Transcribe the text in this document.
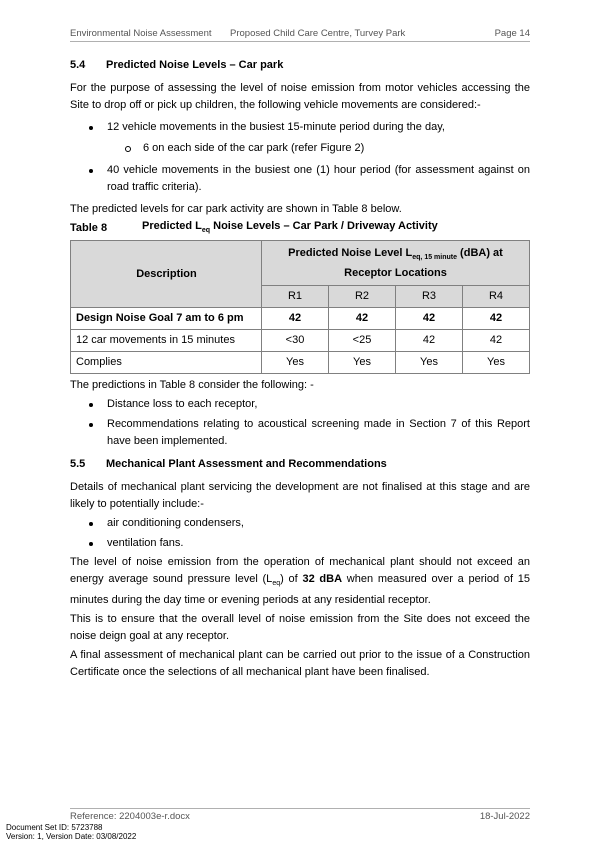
Environmental Noise Assessment Proposed Child Care Centre, Turvey Park	Page 14
5.4	Predicted Noise Levels – Car park

For the purpose of assessing the level of noise emission from motor vehicles accessing the Site to drop off or pick up children, the following vehicle movements are considered:-

12 vehicle movements in the busiest 15-minute period during the day,
6 on each side of the car park (refer Figure 2)
40 vehicle movements in the busiest one (1) hour period (for assessment against on road traffic criteria).

The predicted levels for car park activity are shown in Table 8 below.

Table 8	Predicted $L_{eq}$ Noise Levels – Car Park / Driveway Activity
Description	Predicted Noise Level $L_{eq, 15 minute}$ (dBA) at Receptor Locations			
	R1	R2	R3	R4
Design Noise Goal 7 am to 6 pm	42	42	42	42
12 car movements in 15 minutes	<30	<25	42	42
Complies	Yes	Yes	Yes	Yes

The predictions in Table 8 consider the following: -

Distance loss to each receptor,
Recommendations relating to acoustical screening made in Section 7 of this Report have been implemented.
5.5	Mechanical Plant Assessment and Recommendations

Details of mechanical plant servicing the development are not finalised at this stage and are likely to potentially include:-

air conditioning condensers,
ventilation fans.

The level of noise emission from the operation of mechanical plant should not exceed an energy average sound pressure level $(L_{eq})$ of 32 dBA when measured over a period of 15 minutes during the day time or evening periods at any residential receptor.

This is to ensure that the overall level of noise emission from the Site does not exceed the noise deign goal at any receptor.

A final assessment of mechanical plant can be carried out prior to the issue of a Construction Certificate once the selections of all mechanical plant have been finalised.

Reference: 2204003e-r.docx	18-Jul-2022
Document Set ID: 5723788
Version: 1, Version Date: 03/08/2022
